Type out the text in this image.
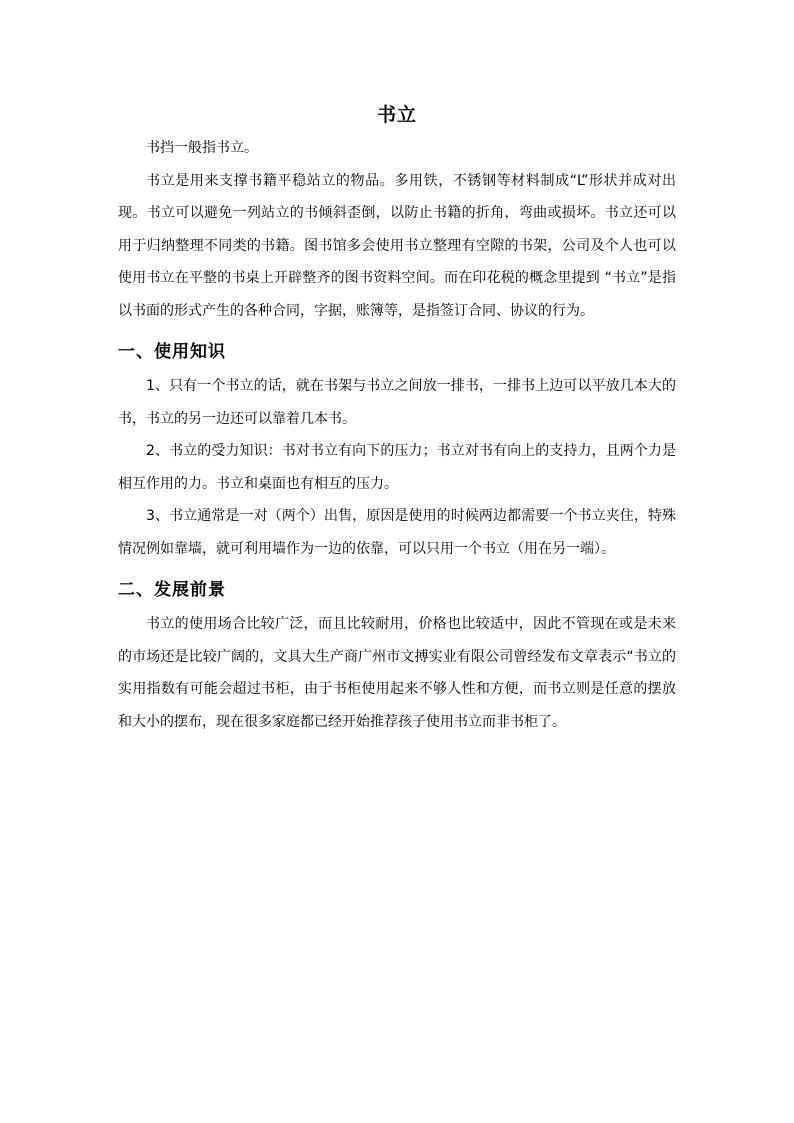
书立

书挡一般指书立。

书立是用来支撑书籍平稳站立的物品。多用铁，不锈钢等材料制成“L”形状并成对出现。书立可以避免一列站立的书倾斜歪倒，以防止书籍的折角，弯曲或损坏。书立还可以用于归纳整理不同类的书籍。图书馆多会使用书立整理有空隙的书架，公司及个人也可以使用书立在平整的书桌上开辟整齐的图书资料空间。而在印花税的概念里提到 “书立”是指以书面的形式产生的各种合同，字据，账簿等，是指签订合同、协议的行为。

一、使用知识

1、只有一个书立的话，就在书架与书立之间放一排书，一排书上边可以平放几本大的书，书立的另一边还可以靠着几本书。

2、书立的受力知识：书对书立有向下的压力；书立对书有向上的支持力，且两个力是相互作用的力。书立和桌面也有相互的压力。

3、书立通常是一对（两个）出售，原因是使用的时候两边都需要一个书立夹住，特殊情况例如靠墙，就可利用墙作为一边的依靠，可以只用一个书立（用在另一端）。

二、发展前景

书立的使用场合比较广泛，而且比较耐用，价格也比较适中，因此不管现在或是未来的市场还是比较广阔的，文具大生产商广州市文搏实业有限公司曾经发布文章表示“书立的实用指数有可能会超过书柜，由于书柜使用起来不够人性和方便，而书立则是任意的摆放和大小的摆布，现在很多家庭都已经开始推荐孩子使用书立而非书柜了。
